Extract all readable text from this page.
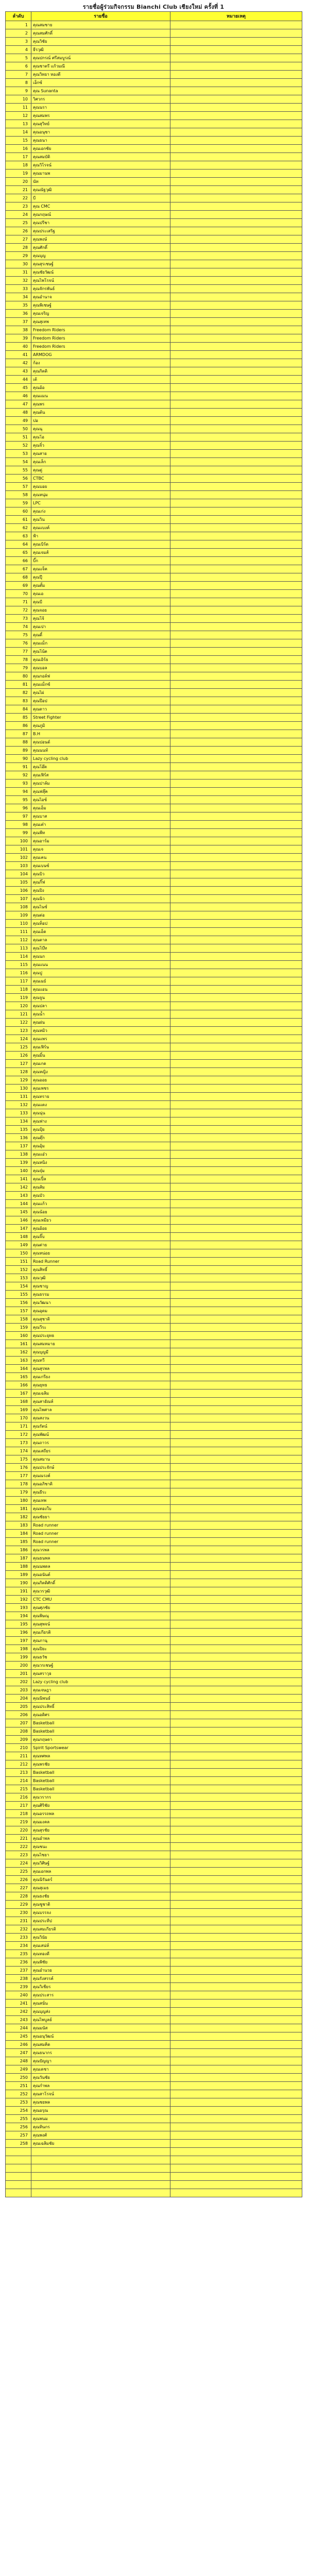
รายชื่อผู้ร่วมกิจกรรม Bianchi Club เชียงใหม่ ครั้งที่ 1
ลำดับ	รายชื่อ	หมายเหตุ
1	คุณสมชาย	
2	คุณสมศักดิ์	
3	คุณวิชัย	
4	ธีรวุฒิ	
5	คุณปกรณ์ ศรีสมบูรณ์	
6	คุณชาตรี แก้วมณี	
7	คุณวิทยา ทองดี	
8	เอ็กซ์	
9	คุณ Sunanta	
10	วิศวกร	
11	คุณนรา	
12	คุณสมพร	
13	คุณสุวิทย์	
14	คุณอนุชา	
15	คุณธนา	
16	คุณเอกชัย	
17	คุณสมบัติ	
18	คุณวิโรจน์	
19	คุณมานพ	
20	นัท	
21	คุณณัฐวุฒิ	
22	บี	
23	คุณ CMC	
24	คุณกฤษณ์	
25	คุณปรีชา	
26	คุณประเสริฐ	
27	คุณพงษ์	
28	คุณศักดิ์	
29	คุณบุญ	
30	คุณสุรเชษฐ์	
31	คุณชัยวัฒน์	
32	คุณไพโรจน์	
33	คุณจักรพันธ์	
34	คุณอำนาจ	
35	คุณพิเชษฐ์	
36	คุณเจริญ	
37	คุณสุเทพ	
38	Freedom Riders	
39	Freedom Riders	
40	Freedom Riders	
41	ARMDOG	
42	ก้อง	
43	คุณกิตติ	
44	เต้	
45	คุณอ้อ	
46	คุณแมน	
47	คุณพร	
48	คุณต้น	
49	ปอ	
50	คุณนุ	
51	คุณโอ	
52	คุณจิ๋ว	
53	คุณสาย	
54	คุณเล็ก	
55	คุณตู่	
56	CTBC	
57	คุณบอย	
58	คุณหนุ่ม	
59	LPC	
60	คุณเก่ง	
61	คุณวิน	
62	คุณแบงค์	
63	ฟ้า	
64	คุณเบิร์ด	
65	คุณเจมส์	
66	บิ๊ก	
67	คุณแจ็ค	
68	คุณปุ๊	
69	คุณตั้ม	
70	คุณเอ	
71	คุณบี	
72	คุณจอย	
73	คุณโจ้	
74	คุณเปา	
75	คุณตี๋	
76	คุณแม็ก	
77	คุณโน้ต	
78	คุณเอิร์ธ	
79	คุณบอล	
80	คุณกอล์ฟ	
81	คุณแม็กซ์	
82	คุณไผ่	
83	คุณป๊อป	
84	คุณดาว	
85	Street Fighter	
86	คุณภูมิ	
87	B.H	
88	คุณปอนด์	
89	คุณนนท์	
90	Lazy cycling club	
91	คุณโอ๊ต	
92	คุณเฟิร์ส	
93	คุณปาล์ม	
94	คุณฟลุ๊ค	
95	คุณไอซ์	
96	คุณเอ็ม	
97	คุณบาส	
98	คุณเต๋า	
99	คุณพีท	
100	คุณอาร์ม	
101	คุณเจ	
102	คุณเคน	
103	คุณเบนซ์	
104	คุณบิว	
105	คุณกิ๊ฟ	
106	คุณปิง	
107	คุณนิว	
108	คุณไนซ์	
109	คุณต่อ	
110	คุณท็อป	
111	คุณเอ็ด	
112	คุณตาล	
113	คุณโบ๊ท	
114	คุณนก	
115	คุณแนน	
116	คุณปู	
117	คุณเมย์	
118	คุณแอน	
119	คุณจูน	
120	คุณปลา	
121	คุณน้ำ	
122	คุณฝน	
123	คุณหมิว	
124	คุณแพร	
125	คุณเฟิร์น	
126	คุณมิ้น	
127	คุณเกด	
128	คุณหญิง	
129	คุณออย	
130	คุณเพชร	
131	คุณทราย	
132	คุณแตง	
133	คุณนุ่น	
134	คุณฟาง	
135	คุณปุ้ย	
136	คุณตุ๊ก	
137	คุณอุ้ม	
138	คุณแอ๋ว	
139	คุณหนิง	
140	คุณจุ๋ม	
141	คุณเปิ้ล	
142	คุณส้ม	
143	คุณบัว	
144	คุณแก้ว	
145	คุณน้อย	
146	คุณเหมียว	
147	คุณอ้อย	
148	คุณจิ๊บ	
149	คุณต่าย	
150	คุณหน่อย	
151	Road Runner	
152	คุณสิทธิ์	
153	คุณวุฒิ	
154	คุณชาญ	
155	คุณธรรม	
156	คุณวัฒนา	
157	คุณอุดม	
158	คุณสุชาติ	
159	คุณวีระ	
160	คุณประยุทธ	
161	คุณสมหมาย	
162	คุณบุญมี	
163	คุณทวี	
164	คุณสุรพล	
165	คุณเกรียง	
166	คุณยุทธ	
167	คุณเฉลิม	
168	คุณสายัณห์	
169	คุณไพศาล	
170	คุณสงวน	
171	คุณรัตน์	
172	คุณพัฒน์	
173	คุณถาวร	
174	คุณเสถียร	
175	คุณสมาน	
176	คุณประจักษ์	
177	คุณณรงค์	
178	คุณอภิชาติ	
179	คุณธีระ	
180	คุณเทพ	
181	คุณทองใบ	
182	คุณชัยยา	
183	Road runner	
184	Road runner	
185	Road runner	
186	คุณวรพล	
187	คุณธนพล	
188	คุณนพดล	
189	คุณอนันต์	
190	คุณกิตติศักดิ์	
191	คุณวรวุฒิ	
192	CTC CMU	
193	คุณศุภชัย	
194	คุณพิษณุ	
195	คุณสุพจน์	
196	คุณเกียรติ	
197	คุณภานุ	
198	คุณปิยะ	
199	คุณธวัช	
200	คุณวรเชษฐ์	
201	คุณสราวุธ	
202	Lazy cycling club	
203	คุณเจษฎา	
204	คุณนิพนธ์	
205	คุณประสิทธิ์	
206	คุณอดิศร	
207	Basketball	
208	Basketball	
209	คุณกฤษดา	
210	Spirit Sportswear	
211	คุณทศพล	
212	คุณพรชัย	
213	Basketball	
214	Basketball	
215	Basketball	
216	คุณวรากร	
217	คุณศิริชัย	
218	คุณอรรถพล	
219	คุณมงคล	
220	คุณสุรชัย	
221	คุณอำพล	
222	คุณชนะ	
223	คุณไชยา	
224	คุณวิศิษฐ์	
225	คุณเอกพล	
226	คุณนิรันดร์	
227	คุณสุเมธ	
228	คุณธงชัย	
229	คุณชูชาติ	
230	คุณบรรจง	
231	คุณประทีป	
232	คุณสมเกียรติ	
233	คุณวินัย	
234	คุณเสน่ห์	
235	คุณทองดี	
236	คุณพิชัย	
237	คุณอำนวย	
238	คุณรังสรรค์	
239	คุณวิเชียร	
240	คุณประสาร	
241	คุณสนั่น	
242	คุณบุญส่ง	
243	คุณไพบูลย์	
244	คุณมนัส	
245	คุณอนุวัฒน์	
246	คุณสมคิด	
247	คุณธนากร	
248	คุณปัญญา	
249	คุณเดชา	
250	คุณวันชัย	
251	คุณกำพล	
252	คุณสาโรจน์	
253	คุณชยพล	
254	คุณอรุณ	
255	คุณพนม	
256	คุณทินกร	
257	คุณพงศ์	
258	คุณเฉลิมชัย	
